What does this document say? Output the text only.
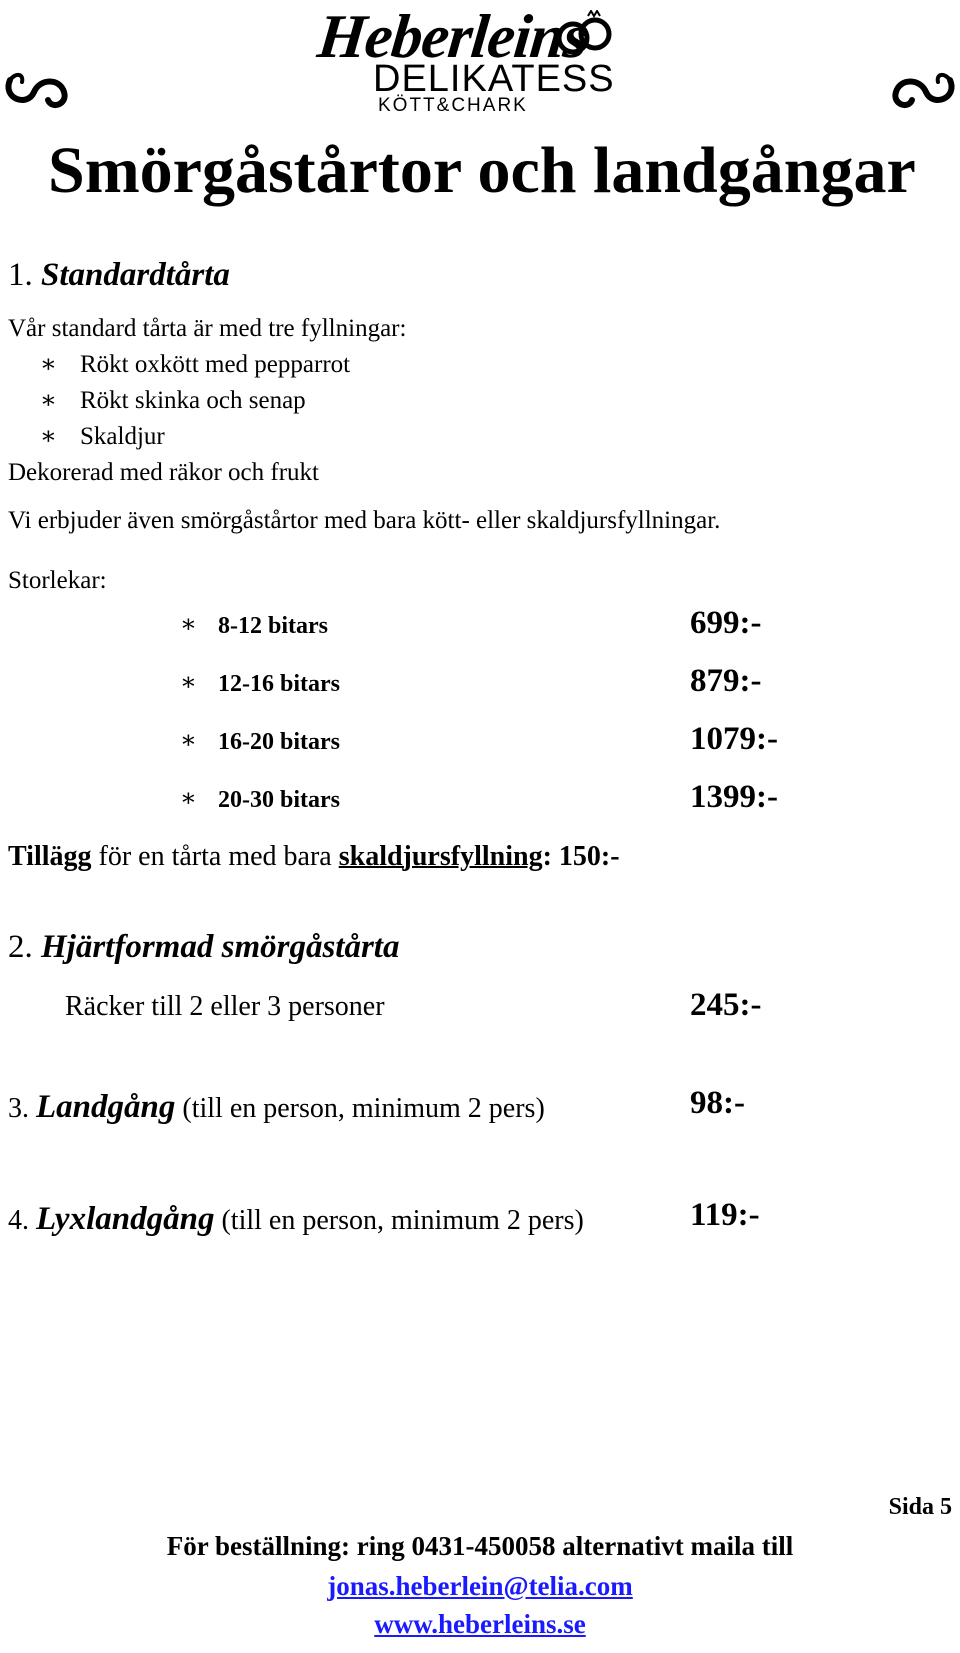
Heberleins
DELIKATESS
KÖTT&CHARK
Smörgåstårtor och landgångar
1. Standardtårta
Vår standard tårta är med tre fyllningar:
∗ Rökt oxkött med pepparrot
∗ Rökt skinka och senap
∗ Skaldjur
Dekorerad med räkor och frukt
Vi erbjuder även smörgåstårtor med bara kött- eller skaldjursfyllningar.
Storlekar:
∗ 8-12 bitars	699:-
∗ 12-16 bitars	879:-
∗ 16-20 bitars	1079:-
∗ 20-30 bitars	1399:-
Tillägg för en tårta med bara skaldjursfyllning: 150:-
2. Hjärtformad smörgåstårta
Räcker till 2 eller 3 personer	245:-
3. Landgång (till en person, minimum 2 pers)	98:-
4. Lyxlandgång (till en person, minimum 2 pers)	119:-
Sida 5
För beställning: ring 0431-450058 alternativt maila till
jonas.heberlein@telia.com
www.heberleins.se
